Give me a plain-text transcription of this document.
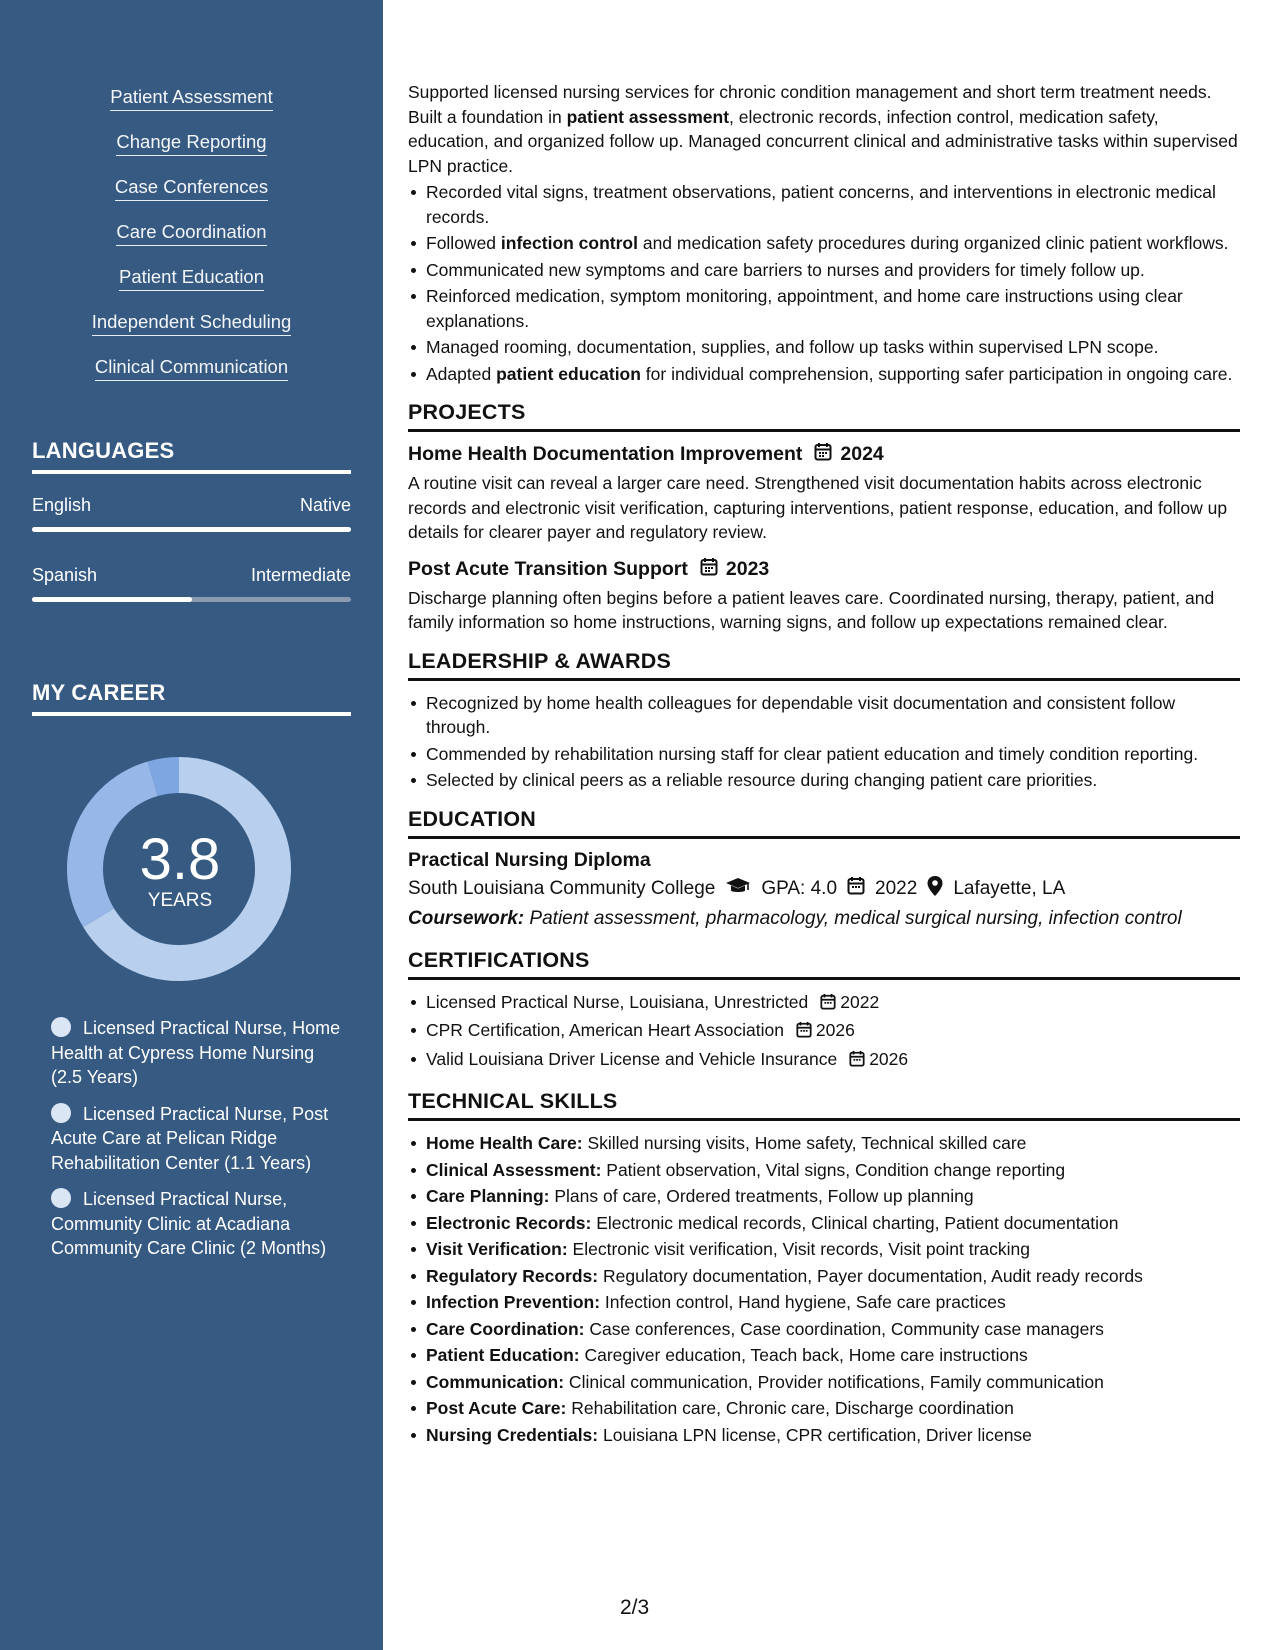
Patient Assessment
Change Reporting
Case Conferences
Care Coordination
Patient Education
Independent Scheduling
Clinical Communication
LANGUAGES
English	Native
Spanish	Intermediate
MY CAREER
3.8
YEARS
Licensed Practical Nurse, Home Health at Cypress Home Nursing (2.5 Years)
Licensed Practical Nurse, Post Acute Care at Pelican Ridge Rehabilitation Center (1.1 Years)
Licensed Practical Nurse, Community Clinic at Acadiana Community Care Clinic (2 Months)

Supported licensed nursing services for chronic condition management and short term treatment needs. Built a foundation in patient assessment, electronic records, infection control, medication safety, education, and organized follow up. Managed concurrent clinical and administrative tasks within supervised LPN practice.

Recorded vital signs, treatment observations, patient concerns, and interventions in electronic medical records.
Followed infection control and medication safety procedures during organized clinic patient workflows.
Communicated new symptoms and care barriers to nurses and providers for timely follow up.
Reinforced medication, symptom monitoring, appointment, and home care instructions using clear explanations.
Managed rooming, documentation, supplies, and follow up tasks within supervised LPN scope.
Adapted patient education for individual comprehension, supporting safer participation in ongoing care.
PROJECTS
Home Health Documentation Improvement 2024

A routine visit can reveal a larger care need. Strengthened visit documentation habits across electronic records and electronic visit verification, capturing interventions, patient response, education, and follow up details for clearer payer and regulatory review.

Post Acute Transition Support 2023

Discharge planning often begins before a patient leaves care. Coordinated nursing, therapy, patient, and family information so home instructions, warning signs, and follow up expectations remained clear.

LEADERSHIP & AWARDS
Recognized by home health colleagues for dependable visit documentation and consistent follow through.
Commended by rehabilitation nursing staff for clear patient education and timely condition reporting.
Selected by clinical peers as a reliable resource during changing patient care priorities.
EDUCATION
Practical Nursing Diploma
South Louisiana Community College GPA: 4.0 2022 Lafayette, LA
Coursework: Patient assessment, pharmacology, medical surgical nursing, infection control
CERTIFICATIONS
Licensed Practical Nurse, Louisiana, Unrestricted 2022
CPR Certification, American Heart Association 2026
Valid Louisiana Driver License and Vehicle Insurance 2026
TECHNICAL SKILLS
Home Health Care: Skilled nursing visits, Home safety, Technical skilled care
Clinical Assessment: Patient observation, Vital signs, Condition change reporting
Care Planning: Plans of care, Ordered treatments, Follow up planning
Electronic Records: Electronic medical records, Clinical charting, Patient documentation
Visit Verification: Electronic visit verification, Visit records, Visit point tracking
Regulatory Records: Regulatory documentation, Payer documentation, Audit ready records
Infection Prevention: Infection control, Hand hygiene, Safe care practices
Care Coordination: Case conferences, Case coordination, Community case managers
Patient Education: Caregiver education, Teach back, Home care instructions
Communication: Clinical communication, Provider notifications, Family communication
Post Acute Care: Rehabilitation care, Chronic care, Discharge coordination
Nursing Credentials: Louisiana LPN license, CPR certification, Driver license
2/3
